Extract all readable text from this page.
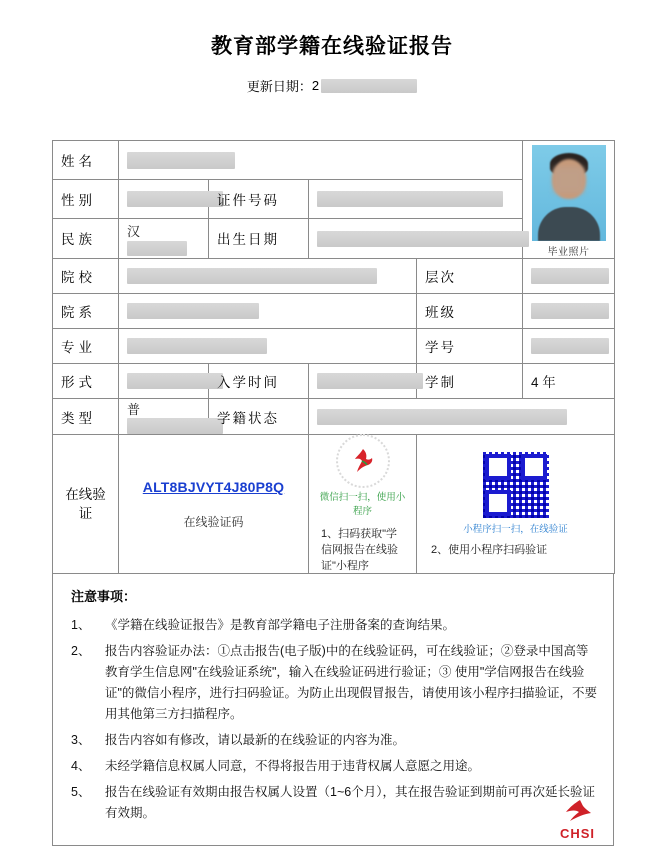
教育部学籍在线验证报告
更新日期： 2
姓名					毕业照片

性别		证件号码			
民族	汉	出生日期			
院校				层次	
院系				班级	
专业				学号	
形式		入学时间		学制	4 年
类型	普	学籍状态			
在线验证	
ALT8BJVYT4J80P8Q
在线验证码	
微信扫一扫，使用小程序
1、扫码获取"学信网报告在线验证"小程序

小程序扫一扫，在线验证
2、使用小程序扫码验证
注意事项：
1、	《学籍在线验证报告》是教育部学籍电子注册备案的查询结果。
2、	报告内容验证办法：①点击报告(电子版)中的在线验证码，可在线验证；②登录中国高等教育学生信息网"在线验证系统"，输入在线验证码进行验证；③ 使用"学信网报告在线验证"的微信小程序，进行扫码验证。为防止出现假冒报告，请使用该小程序扫描验证，不要用其他第三方扫描程序。
3、	报告内容如有修改，请以最新的在线验证的内容为准。
4、	未经学籍信息权属人同意，不得将报告用于违背权属人意愿之用途。
5、	报告在线验证有效期由报告权属人设置（1~6个月），其在报告验证到期前可再次延长验证有效期。
CHSI
